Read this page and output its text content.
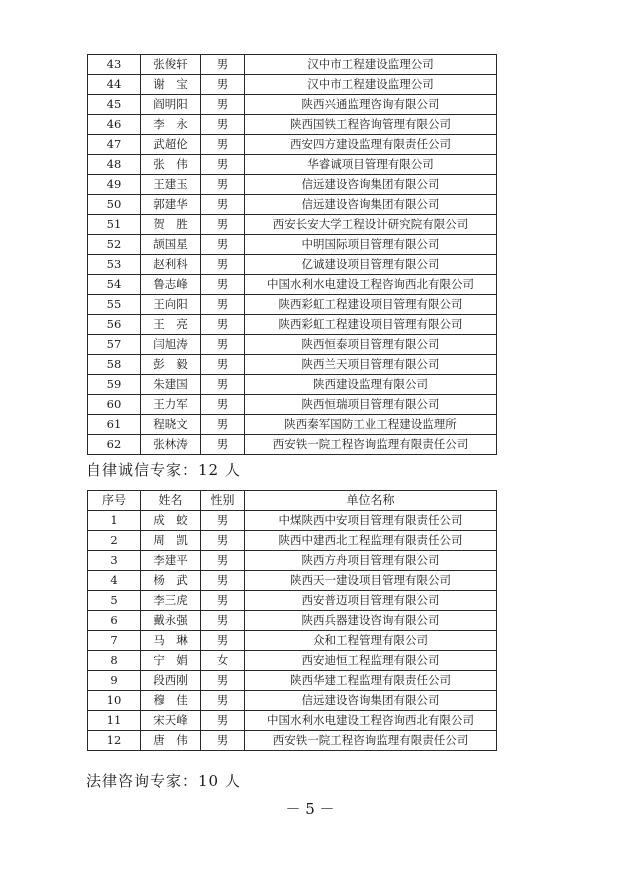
43	张俊轩	男	汉中市工程建设监理公司
44	谢　宝	男	汉中市工程建设监理公司
45	阎明阳	男	陕西兴通监理咨询有限公司
46	李　永	男	陕西国铁工程咨询管理有限公司
47	武超伦	男	西安四方建设监理有限责任公司
48	张　伟	男	华睿诚项目管理有限公司
49	王建玉	男	信远建设咨询集团有限公司
50	郭建华	男	信远建设咨询集团有限公司
51	贺　胜	男	西安长安大学工程设计研究院有限公司
52	颉国星	男	中明国际项目管理有限公司
53	赵利科	男	亿诚建设项目管理有限公司
54	鲁志峰	男	中国水利水电建设工程咨询西北有限公司
55	王向阳	男	陕西彩虹工程建设项目管理有限公司
56	王　亮	男	陕西彩虹工程建设项目管理有限公司
57	闫旭涛	男	陕西恒泰项目管理有限公司
58	彭　毅	男	陕西兰天项目管理有限公司
59	朱建国	男	陕西建设监理有限公司
60	王力军	男	陕西恒瑞项目管理有限公司
61	程晓文	男	陕西秦军国防工业工程建设监理所
62	张林涛	男	西安铁一院工程咨询监理有限责任公司
自律诚信专家：12 人
序号	姓名	性别	单位名称
1	成　蛟	男	中煤陕西中安项目管理有限责任公司
2	周　凯	男	陕西中建西北工程监理有限责任公司
3	李建平	男	陕西方舟项目管理有限公司
4	杨　武	男	陕西天一建设项目管理有限公司
5	李三虎	男	西安普迈项目管理有限公司
6	戴永强	男	陕西兵器建设咨询有限公司
7	马　琳	男	众和工程管理有限公司
8	宁　娟	女	西安迪恒工程监理有限公司
9	段西刚	男	陕西华建工程监理有限责任公司
10	穆　佳	男	信远建设咨询集团有限公司
11	宋天峰	男	中国水利水电建设工程咨询西北有限公司
12	唐　伟	男	西安铁一院工程咨询监理有限责任公司
法律咨询专家：10 人
－ 5 －
